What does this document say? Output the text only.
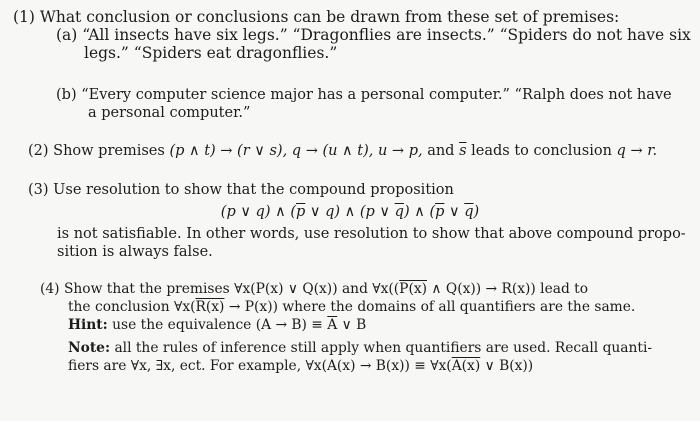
(1) What conclusion or conclusions can be drawn from these set of premises:
(a) “All insects have six legs.” “Dragonflies are insects.” “Spiders do not have six
legs.” “Spiders eat dragonflies.”
(b) “Every computer science major has a personal computer.” “Ralph does not have
a personal computer.”
(2) Show premises (p ∧ t) → (r ∨ s), q → (u ∧ t), u → p, and $\overline{s}$ leads to conclusion q → r.
(3) Use resolution to show that the compound proposition
(p ∨ q) ∧ ($\overline{p}$ ∨ q) ∧ (p ∨ $\overline{q}$) ∧ ($\overline{p}$ ∨ $\overline{q}$)
is not satisfiable. In other words, use resolution to show that above compound propo-
sition is always false.
(4) Show that the premises ∀x(P(x) ∨ Q(x)) and ∀x((P(x) ∧ Q(x)) → R(x)) lead to
the conclusion ∀x(R(x) → P(x)) where the domains of all quantifiers are the same.
Hint: use the equivalence $(A \to B) \equiv \overline{A}$ ∨ B
Note: all the rules of inference still apply when quantifiers are used. Recall quanti-
fiers are ∀x, ∃x, ect. For example, ∀x(A(x) → B(x)) ≡ ∀x(A(x) ∨ B(x))
